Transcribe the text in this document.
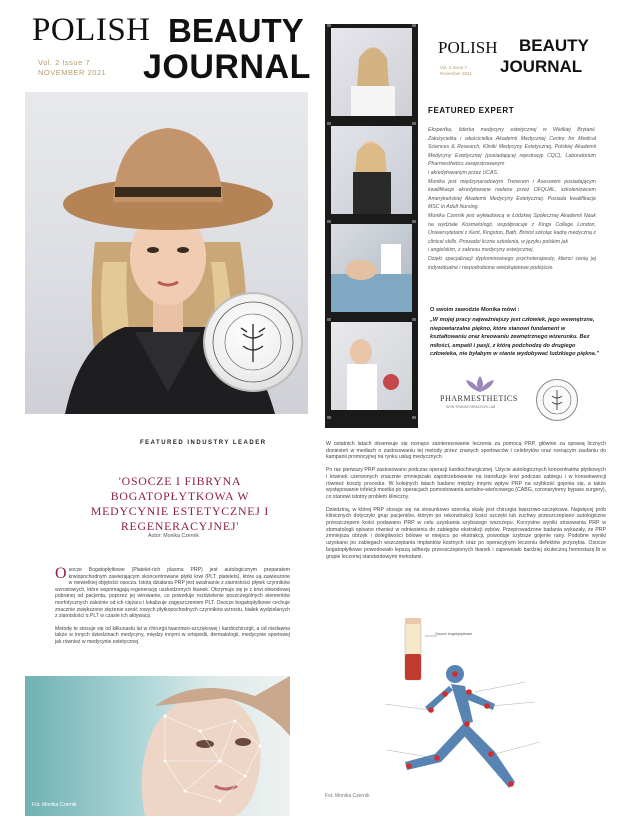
POLISH BEAUTY
JOURNAL
Vol. 2 Issue 7
NOVEMBER 2021
POLISH BEAUTY
JOURNAL
Vol. 2 Issue 7
November 2021
FEATURED EXPERT

Ekspertka, liderka medycyny estetycznej w Wielkiej Brytanii. Założycielka i właścicielka Akademii Medycznej Centre for Medical Sciences & Research, Kliniki Medycyny Estetycznej, Polskiej Akademii Medycyny Estetycznej (posiadającej rejestrację CQC), Laboratorium Pharmesthetics zarejestrowanym

i akredytowanym przez UCAS.

Monika jest międzynarodowym Trenerem i Asesorem posiadającym kwalifikacje akredytowane nadane przez OFQUAL, szkoleniowcem Amerykańskiej Akademii Medycyny Estetycznej. Posiada kwalifikacje MSC in Adult Nursing.

Monika Czernik jest wykładowcą w Łódzkiej Społecznej Akademii Nauk na wydziale Kosmetologii, współpracuje z Kings College London, Uniwersytetami z Kent, Kingston, Bath, Bristol szkoląc kadrę medyczną z clinical skills. Prowadzi liczne szkolenia, w języku polskim jak

i angielskim, z zakresu medycyny estetycznej.

Dzięki specjalizacji dyplomowanego psychoterapeuty, klienci cenią jej indywidualne i niepodrobione wielokątetowe podejście.

O swoim zawodzie Monika mówi :
„W mojej pracy najważniejszy jest człowiek, jego wewnętrzne, niepowtarzalne piękno, które stanowi fundament w kształtowaniu oraz kreowaniu zewnętrznego wizerunku. Bez miłości, empatii i pasji, z którą podchodzę do drugiego człowieka, nie byłabym w stanie wydobywać ludzkiego piękna.”
PHARMESTHETICS
SKIN TRANSFORMATION LAB
FEATURED INDUSTRY LEADER
'OSOCZE I FIBRYNA BOGATOPŁYTKOWA W MEDYCYNIE ESTETYCZNEJ I REGENERACYJNEJ'
Autor: Monika Czernik

Osocze Bogatopłytkowe (Platelet-rich plasma PRP) jest autologicznym preparatem krwiopochodnym zawierającym skoncentrowane płytki krwi (PLT, platelets), które są zawieszone w niewielkiej objętości osocza. Istotą działania PRP jest uwalnianie z ziarnistości płytek czynników wzrostowych, które wspomagają regenerację uszkodzonych tkanek. Otrzymuje się je z krwi obwodowej pobranej od pacjenta, poprzez jej wirowanie, co powoduje rozdzielenie poszczególnych elementów morfotycznych zależnie od ich ciężaru i lokalizuje zagęszczeniem PLT. Osocze bogatopłytkowe cechuje znacznie zwiększone stężenie sześć rowych płytkopochodnych czynników wzrostu, białek wydzielanych z ziarnistości α PLT w czasie ich aktywacji.

Metodę te stosuje się od kilkunastu lat w chirurgii twarzowo-szczękowej i kardiochirurgii, a od niedawna także w innych dziedzinach medycyny, między innymi w ortopedii, dermatologii, medycynie sportowej jak również w medycynie estetycznej.

Fot. Monika Czernik

W ostatnich latach obserwuje się rosnące zainteresowanie leczenia za pomocą PRP, głównie za sprawą licznych doniesień w mediach o zastosowaniu tej metody przez znanych sportowców i celebrytów oraz rosnącym zaufaniu do kampanii promocyjnej na rynku usług medycznych.

Po raz pierwszy PRP zastosowano podczas operacji kardiochirurgicznej. Użycie autologicznych koncentratów płytkowych i krwinek czerwonych znacznie zmniejszało zapotrzebowanie na transfuzje krwi podczas zabiegu i w konsekwencji również koszty procedur. W kolejnych latach badano między innymi wpływ PRP na szybkość gojenia się, a także występowanie infekcji mostka po operacjach pomostowania aortalno-wieńcowego (CABG, coronarytomy bypass surgery), co stanowi istotny problem kliniczny.

Dziedziną, w której PRP stosuje się na stosunkowo szeroką skalę jest chirurgia twarzowo-szczękowa. Najwięcej prób klinicznych dotyczyło grup pacjentów, którym po rekonstrukcji kości szczęki lub żuchwy przeszczepiano autologiczne przeszczepem kości podawano PRP w celu uzyskania szybszego wszczepu. Korzystne wyniki stosowania PRP w stomatologii opisano również w odniesieniu do zabiegów ekstrakcji zębów. Przeprowadzone badania wykazały, że PRP zmniejsza obrzęk i dolegliwości bólowe w miejscu po ekstrakcji, powoduje szybsze gojenie rany. Podobne wyniki uzyskano po zabiegach wszczepiania implantów kostnych oraz po operacyjnym leczeniu defektów przyzębia. Osocze bogatopłytkowe powodowało lepszą adhezję przeszczepionych tkanek i zapewniało bardziej skuteczną hemostazę.Ib w grupie leczonej standardowymi metodami.

Osocze bogatopłytkowe
Fot. Monika Czernik
